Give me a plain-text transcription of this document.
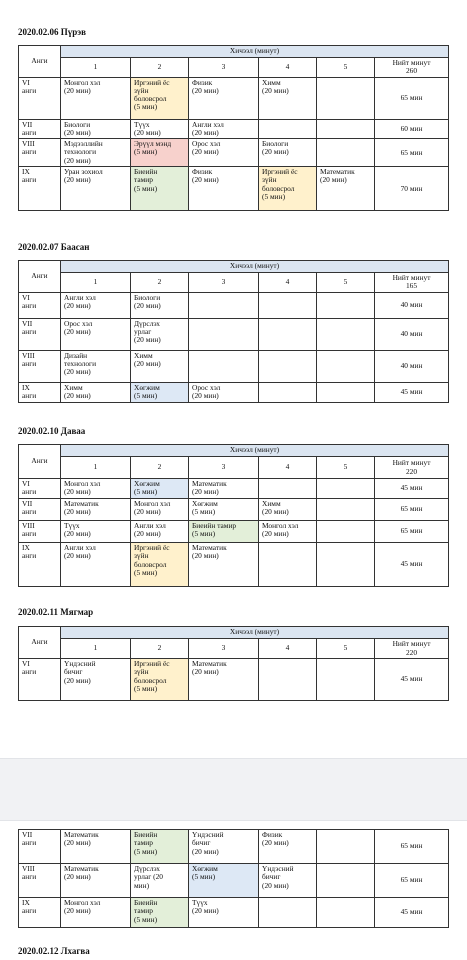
2020.02.06 Пүрэв
Анги	Хичээл (минут)					
	1	2	3	4	5	Нийт минут
260

VI
анги	Монгол хэл
(20 мин)	Иргэний ёс
зүйн
боловсрол
(5 мин)	Физик
(20 мин)	Химм
(20 мин)		65 мин

VII
анги	Биологи
(20 мин)	Түүх
(20 мин)	Англи хэл
(20 мин)			60 мин

VIII
анги	Мэдээллийн
технологи
(20 мин)	Эрүүл мэнд
(5 мин)	Орос хэл
(20 мин)	Биологи
(20 мин)		65 мин

IX
анги	Уран зохиол
(20 мин)	Биеийн
тамир
(5 мин)	Физик
(20 мин)	Иргэний ёс
зүйн
боловсрол
(5 мин)	Математик
(20 мин)	70 мин
2020.02.07 Баасан
Анги	Хичээл (минут)					
	1	2	3	4	5	Нийт минут
165

VI
анги	Англи хэл
(20 мин)	Биологи
(20 мин)				40 мин

VII
анги	Орос хэл
(20 мин)	Дүрслэх
урлаг
(20 мин)				40 мин

VIII
анги	Дизайн
технологи
(20 мин)	Химм
(20 мин)				40 мин

IX
анги	Химм
(20 мин)	Хөгжим
(5 мин)	Орос хэл
(20 мин)			45 мин
2020.02.10 Даваа
Анги	Хичээл (минут)					
	1	2	3	4	5	Нийт минут
220

VI
анги	Монгол хэл
(20 мин)	Хөгжим
(5 мин)	Математик
(20 мин)			45 мин

VII
анги	Математик
(20 мин)	Монгол хэл
(20 мин)	Хөгжим
(5 мин)	Химм
(20 мин)		65 мин

VIII
анги	Түүх
(20 мин)	Англи хэл
(20 мин)	Биеийн тамир
(5 мин)	Монгол хэл
(20 мин)		65 мин

IX
анги	Англи хэл
(20 мин)	Иргэний ёс
зүйн
боловсрол
(5 мин)	Математик
(20 мин)			45 мин
2020.02.11 Мягмар
Анги	Хичээл (минут)					
	1	2	3	4	5	Нийт минут
220

VI
анги	Үндэсний
бичиг
(20 мин)	Иргэний ёс
зүйн
боловсрол
(5 мин)	Математик
(20 мин)			45 мин
VII
анги	Математик
(20 мин)	Биеийн
тамир
(5 мин)	Үндэсний
бичиг
(20 мин)	Физик
(20 мин)		65 мин

VIII
анги	Математик
(20 мин)	Дүрслэх
урлаг (20
мин)	Хөгжим
(5 мин)	Үндэсний
бичиг
(20 мин)		65 мин

IX
анги	Монгол хэл
(20 мин)	Биеийн
тамир
(5 мин)	Түүх
(20 мин)			45 мин
2020.02.12 Лхагва
